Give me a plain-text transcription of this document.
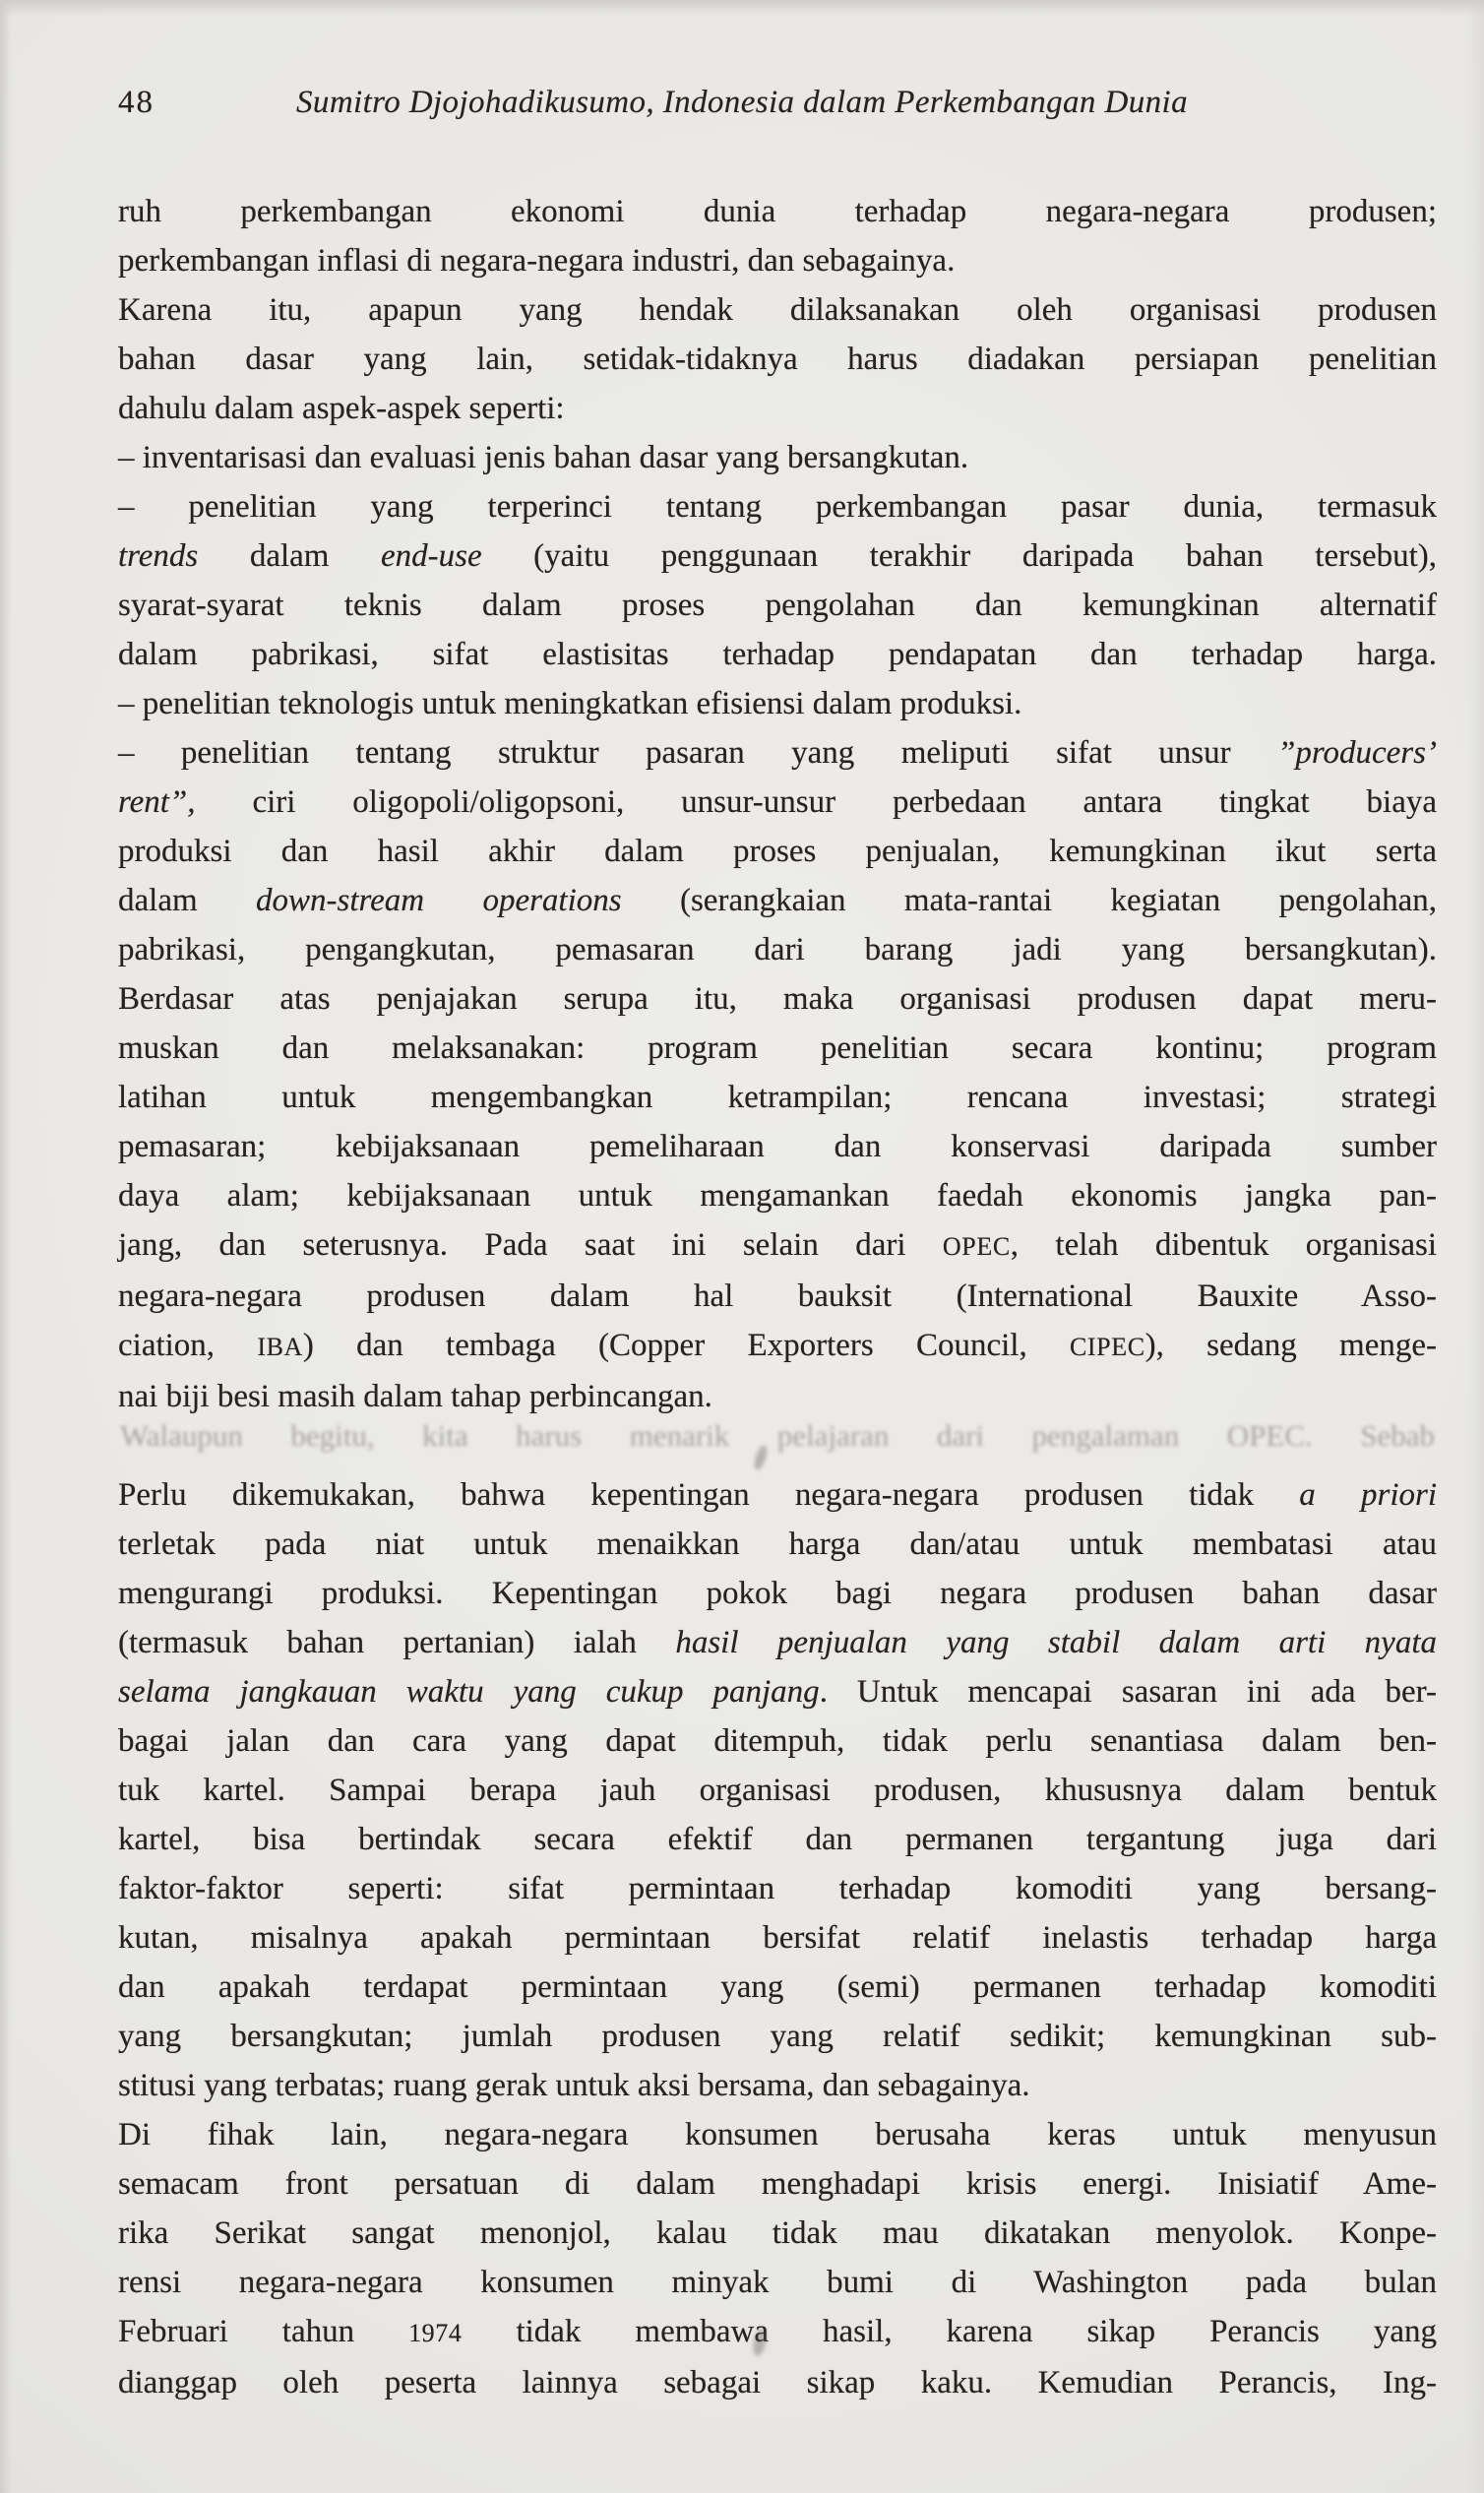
48	Sumitro Djojohadikusumo, Indonesia dalam Perkembangan Dunia
Walaupun begitu, kita harus menarik pelajaran dari pengalaman OPEC. Sebab
ruh perkembangan ekonomi dunia terhadap negara-negara produsen;
perkembangan inflasi di negara-negara industri, dan sebagainya.
Karena itu, apapun yang hendak dilaksanakan oleh organisasi produsen
bahan dasar yang lain, setidak-tidaknya harus diadakan persiapan penelitian
dahulu dalam aspek-aspek seperti:
– inventarisasi dan evaluasi jenis bahan dasar yang bersangkutan.
– penelitian yang terperinci tentang perkembangan pasar dunia, termasuk
trends dalam end-use (yaitu penggunaan terakhir daripada bahan tersebut),
syarat-syarat teknis dalam proses pengolahan dan kemungkinan alternatif
dalam pabrikasi, sifat elastisitas terhadap pendapatan dan terhadap harga.
– penelitian teknologis untuk meningkatkan efisiensi dalam produksi.
– penelitian tentang struktur pasaran yang meliputi sifat unsur ”producers’
rent”, ciri oligopoli/oligopsoni, unsur-unsur perbedaan antara tingkat biaya
produksi dan hasil akhir dalam proses penjualan, kemungkinan ikut serta
dalam down-stream operations (serangkaian mata-rantai kegiatan pengolahan,
pabrikasi, pengangkutan, pemasaran dari barang jadi yang bersangkutan).
Berdasar atas penjajakan serupa itu, maka organisasi produsen dapat meru-
muskan dan melaksanakan: program penelitian secara kontinu; program
latihan untuk mengembangkan ketrampilan; rencana investasi; strategi
pemasaran; kebijaksanaan pemeliharaan dan konservasi daripada sumber
daya alam; kebijaksanaan untuk mengamankan faedah ekonomis jangka pan-
jang, dan seterusnya. Pada saat ini selain dari OPEC, telah dibentuk organisasi
negara-negara produsen dalam hal bauksit (International Bauxite Asso-
ciation, IBA) dan tembaga (Copper Exporters Council, CIPEC), sedang menge-
nai biji besi masih dalam tahap perbincangan.
Perlu dikemukakan, bahwa kepentingan negara-negara produsen tidak a priori
terletak pada niat untuk menaikkan harga dan/atau untuk membatasi atau
mengurangi produksi. Kepentingan pokok bagi negara produsen bahan dasar
(termasuk bahan pertanian) ialah hasil penjualan yang stabil dalam arti nyata
selama jangkauan waktu yang cukup panjang. Untuk mencapai sasaran ini ada ber-
bagai jalan dan cara yang dapat ditempuh, tidak perlu senantiasa dalam ben-
tuk kartel. Sampai berapa jauh organisasi produsen, khususnya dalam bentuk
kartel, bisa bertindak secara efektif dan permanen tergantung juga dari
faktor-faktor seperti: sifat permintaan terhadap komoditi yang bersang-
kutan, misalnya apakah permintaan bersifat relatif inelastis terhadap harga
dan apakah terdapat permintaan yang (semi) permanen terhadap komoditi
yang bersangkutan; jumlah produsen yang relatif sedikit; kemungkinan sub-
stitusi yang terbatas; ruang gerak untuk aksi bersama, dan sebagainya.
Di fihak lain, negara-negara konsumen berusaha keras untuk menyusun
semacam front persatuan di dalam menghadapi krisis energi. Inisiatif Ame-
rika Serikat sangat menonjol, kalau tidak mau dikatakan menyolok. Konpe-
rensi negara-negara konsumen minyak bumi di Washington pada bulan
Februari tahun 1974 tidak membawa hasil, karena sikap Perancis yang
dianggap oleh peserta lainnya sebagai sikap kaku. Kemudian Perancis, Ing-
